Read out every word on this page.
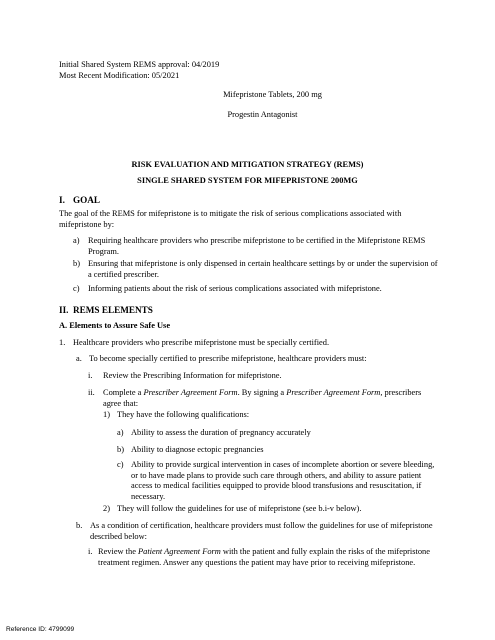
Initial Shared System REMS approval: 04/2019
Most Recent Modification: 05/2021
Mifepristone Tablets, 200 mg
Progestin Antagonist
RISK EVALUATION AND MITIGATION STRATEGY (REMS)
SINGLE SHARED SYSTEM FOR MIFEPRISTONE 200MG
I. GOAL
The goal of the REMS for mifepristone is to mitigate the risk of serious complications associated with mifepristone by:
a)	Requiring healthcare providers who prescribe mifepristone to be certified in the Mifepristone REMS Program.
b) Ensuring that mifepristone is only dispensed in certain healthcare settings by or under the supervision of a certified prescriber.
c)	Informing patients about the risk of serious complications associated with mifepristone.
II. REMS ELEMENTS
A. Elements to Assure Safe Use
1. Healthcare providers who prescribe mifepristone must be specially certified.
a. To become specially certified to prescribe mifepristone, healthcare providers must:
i.	Review the Prescribing Information for mifepristone.
ii. Complete a Prescriber Agreement Form. By signing a Prescriber Agreement Form, prescribers agree that:
1) They have the following qualifications:
a) Ability to assess the duration of pregnancy accurately
b) Ability to diagnose ectopic pregnancies
c) Ability to provide surgical intervention in cases of incomplete abortion or severe bleeding, or to have made plans to provide such care through others, and ability to assure patient access to medical facilities equipped to provide blood transfusions and resuscitation, if necessary.
2) They will follow the guidelines for use of mifepristone (see b.i-v below).
b. As a condition of certification, healthcare providers must follow the guidelines for use of mifepristone described below:
i. Review the Patient Agreement Form with the patient and fully explain the risks of the mifepristone treatment regimen. Answer any questions the patient may have prior to receiving mifepristone.
Reference ID: 4799099
